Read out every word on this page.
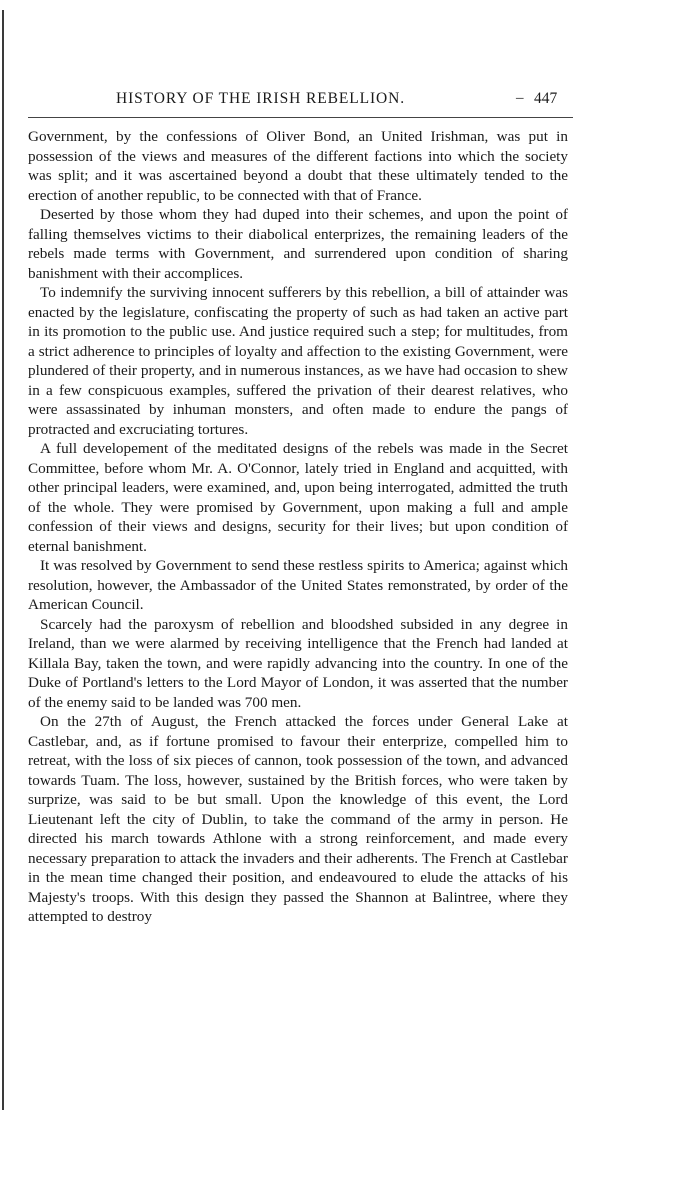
HISTORY OF THE IRISH REBELLION.	– 447

Government, by the confessions of Oliver Bond, an United Irishman, was put in possession of the views and measures of the different factions into which the society was split; and it was ascertained beyond a doubt that these ultimately tended to the erection of another republic, to be connected with that of France.

Deserted by those whom they had duped into their schemes, and upon the point of falling themselves victims to their diabolical enterprizes, the remaining leaders of the rebels made terms with Government, and surrendered upon condition of sharing banishment with their accomplices.

To indemnify the surviving innocent sufferers by this rebellion, a bill of attainder was enacted by the legislature, confiscating the property of such as had taken an active part in its promotion to the public use. And justice required such a step; for multitudes, from a strict adherence to principles of loyalty and affection to the existing Government, were plundered of their property, and in numerous instances, as we have had occasion to shew in a few conspicuous examples, suffered the privation of their dearest relatives, who were assassinated by inhuman monsters, and often made to endure the pangs of protracted and excruciating tortures.

A full developement of the meditated designs of the rebels was made in the Secret Committee, before whom Mr. A. O'Connor, lately tried in England and acquitted, with other principal leaders, were examined, and, upon being interrogated, admitted the truth of the whole. They were promised by Government, upon making a full and ample confession of their views and designs, security for their lives; but upon condition of eternal banishment.

It was resolved by Government to send these restless spirits to America; against which resolution, however, the Ambassador of the United States remonstrated, by order of the American Council.

Scarcely had the paroxysm of rebellion and bloodshed subsided in any degree in Ireland, than we were alarmed by receiving intelligence that the French had landed at Killala Bay, taken the town, and were rapidly advancing into the country. In one of the Duke of Portland's letters to the Lord Mayor of London, it was asserted that the number of the enemy said to be landed was 700 men.

On the 27th of August, the French attacked the forces under General Lake at Castlebar, and, as if fortune promised to favour their enterprize, compelled him to retreat, with the loss of six pieces of cannon, took possession of the town, and advanced towards Tuam. The loss, however, sustained by the British forces, who were taken by surprize, was said to be but small. Upon the knowledge of this event, the Lord Lieutenant left the city of Dublin, to take the command of the army in person. He directed his march towards Athlone with a strong reinforcement, and made every necessary preparation to attack the invaders and their adherents. The French at Castlebar in the mean time changed their position, and endeavoured to elude the attacks of his Majesty's troops. With this design they passed the Shannon at Balintree, where they attempted to destroy
